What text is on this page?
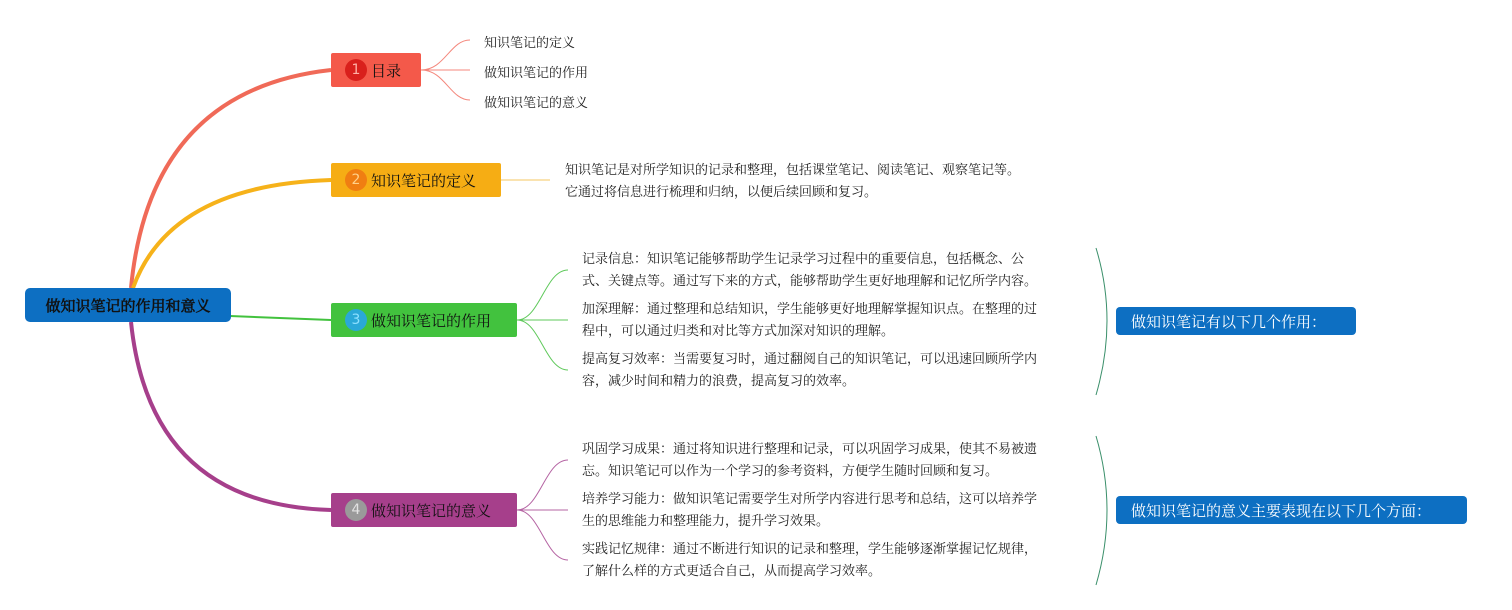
做知识笔记的作用和意义
1 目录
知识笔记的定义
做知识笔记的作用
做知识笔记的意义
2 知识笔记的定义
知识笔记是对所学知识的记录和整理，包括课堂笔记、阅读笔记、观察笔记等。
它通过将信息进行梳理和归纳，以便后续回顾和复习。
3 做知识笔记的作用
记录信息：知识笔记能够帮助学生记录学习过程中的重要信息，包括概念、公
式、关键点等。通过写下来的方式，能够帮助学生更好地理解和记忆所学内容。
加深理解：通过整理和总结知识，学生能够更好地理解掌握知识点。在整理的过
程中，可以通过归类和对比等方式加深对知识的理解。
提高复习效率：当需要复习时，通过翻阅自己的知识笔记，可以迅速回顾所学内
容，减少时间和精力的浪费，提高复习的效率。
做知识笔记有以下几个作用：
4 做知识笔记的意义
巩固学习成果：通过将知识进行整理和记录，可以巩固学习成果，使其不易被遗
忘。知识笔记可以作为一个学习的参考资料，方便学生随时回顾和复习。
培养学习能力：做知识笔记需要学生对所学内容进行思考和总结，这可以培养学
生的思维能力和整理能力，提升学习效果。
实践记忆规律：通过不断进行知识的记录和整理，学生能够逐渐掌握记忆规律，
了解什么样的方式更适合自己，从而提高学习效率。
做知识笔记的意义主要表现在以下几个方面：
